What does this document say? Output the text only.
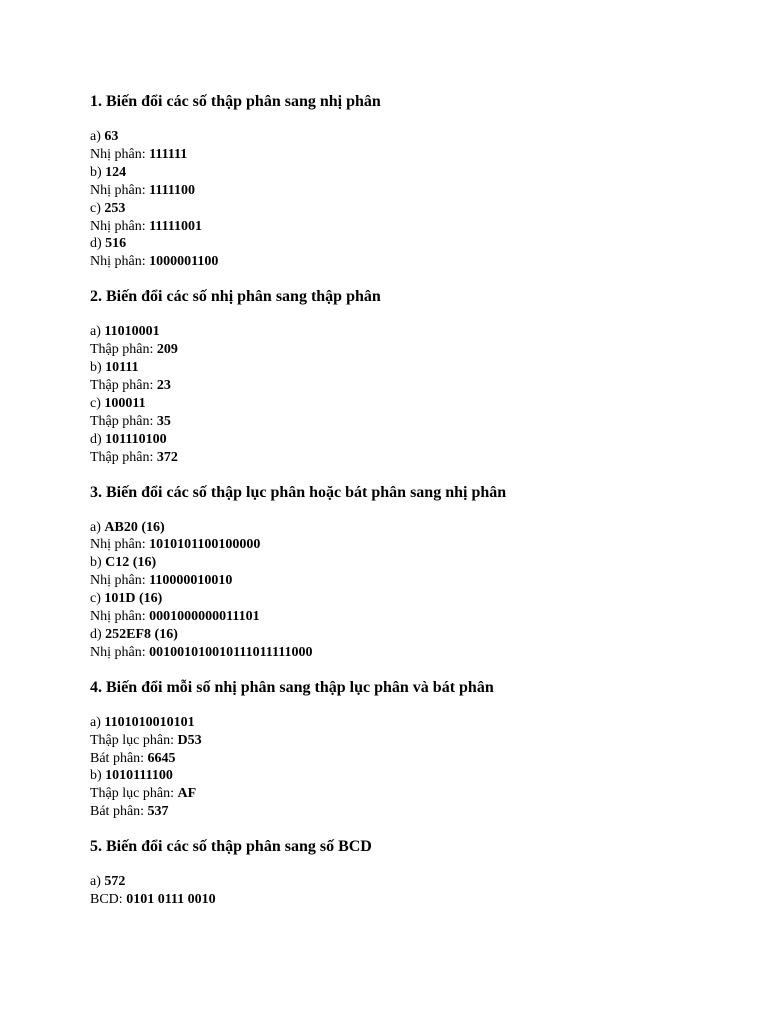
1. Biến đổi các số thập phân sang nhị phân
a) 63
Nhị phân: 111111
b) 124
Nhị phân: 1111100
c) 253
Nhị phân: 11111001
d) 516
Nhị phân: 1000001100
2. Biến đổi các số nhị phân sang thập phân
a) 11010001
Thập phân: 209
b) 10111
Thập phân: 23
c) 100011
Thập phân: 35
d) 101110100
Thập phân: 372
3. Biến đổi các số thập lục phân hoặc bát phân sang nhị phân
a) AB20 (16)
Nhị phân: 1010101100100000
b) C12 (16)
Nhị phân: 110000010010
c) 101D (16)
Nhị phân: 0001000000011101
d) 252EF8 (16)
Nhị phân: 001001010010111011111000
4. Biến đổi mỗi số nhị phân sang thập lục phân và bát phân
a) 1101010010101
Thập lục phân: D53
Bát phân: 6645
b) 1010111100
Thập lục phân: AF
Bát phân: 537
5. Biến đổi các số thập phân sang số BCD
a) 572
BCD: 0101 0111 0010
